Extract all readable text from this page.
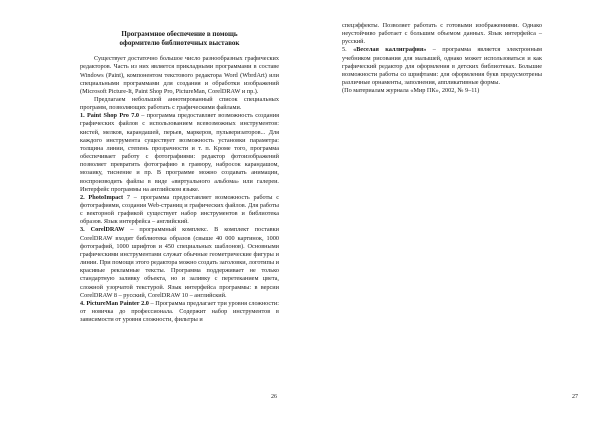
Программное обеспечение в помощь
оформителю библиотечных выставок

Существует достаточно большое число разнообразных графических редакторов. Часть из них является прикладными программами в составе Windows (Paint), компонентом текстового редактора Word (WbrdArt) или специальными программами для создания и обработки изображений (Microsoft Picture-It, Paint Shop Pro, PictureMan, CorelDRAW и пр.).

Предлагаем небольшой аннотированный список специальных программ, позволяющих работать с графическими файлами.

1. Paint Shop Pro 7.0 – программа предоставляет возможность создания графических файлов с использованием всевозможных инструментов: кистей, мелков, карандашей, перьев, маркеров, пульверизаторов... Для каждого инструмента существует возможность установки параметра: толщина линии, степень прозрачности и т. п. Кроме того, программа обеспечивает работу с фотографиями: редактор фотоизображений позволяет превратить фотографию в гравюру, набросок карандашом, мозаику, тиснение и пр. В программе можно создавать анимации, воспроизводить файлы в виде «виртуального альбома» или галереи. Интерфейс программы на английском языке.

2. PhotoImpact 7 – программа предоставляет возможность работы с фотографиями, создания Web-страниц и графических файлов. Для работы с векторной графикой существует набор инструментов и библиотека образов. Язык интерфейса – английский.

3. CorelDRAW – программный комплекс. В комплект поставки CorelDRAW входит библиотека образов (свыше 40 000 картинок, 1000 фотографий, 1000 шрифтов и 450 специальных шаблонов). Основными графическими инструментами служат обычные геометрические фигуры и линии. При помощи этого редактора можно создать заголовки, логотипы и красивые рекламные тексты. Программа поддерживает не только стандартную заливку объекта, но и заливку с перетеканием цвета, сложной узорчатой текстурой. Язык интерфейса программы: в версии CorelDRAW 8 – русский, CorelDRAW 10 – английский.

4. PictureMan Painter 2.0 – Программа предлагает три уровня сложности: от новичка до профессионала. Содержит набор инструментов в зависимости от уровня сложности, фильтры и

26

спецэффекты. Позволяет работать с готовыми изображениями. Однако неустойчиво работает с большим объемом данных. Язык интерфейса – русский.

5. «Веселая каллиграфия» – программа является электронным учебником рисования для малышей, однако может использоваться и как графический редактор для оформления в детских библиотеках. Большие возможности работы со шрифтами: для оформления букв предусмотрены различные орнаменты, заполнения, аппликативные формы.

(По материалам журнала «Мир ПК», 2002, № 9–11)

27
